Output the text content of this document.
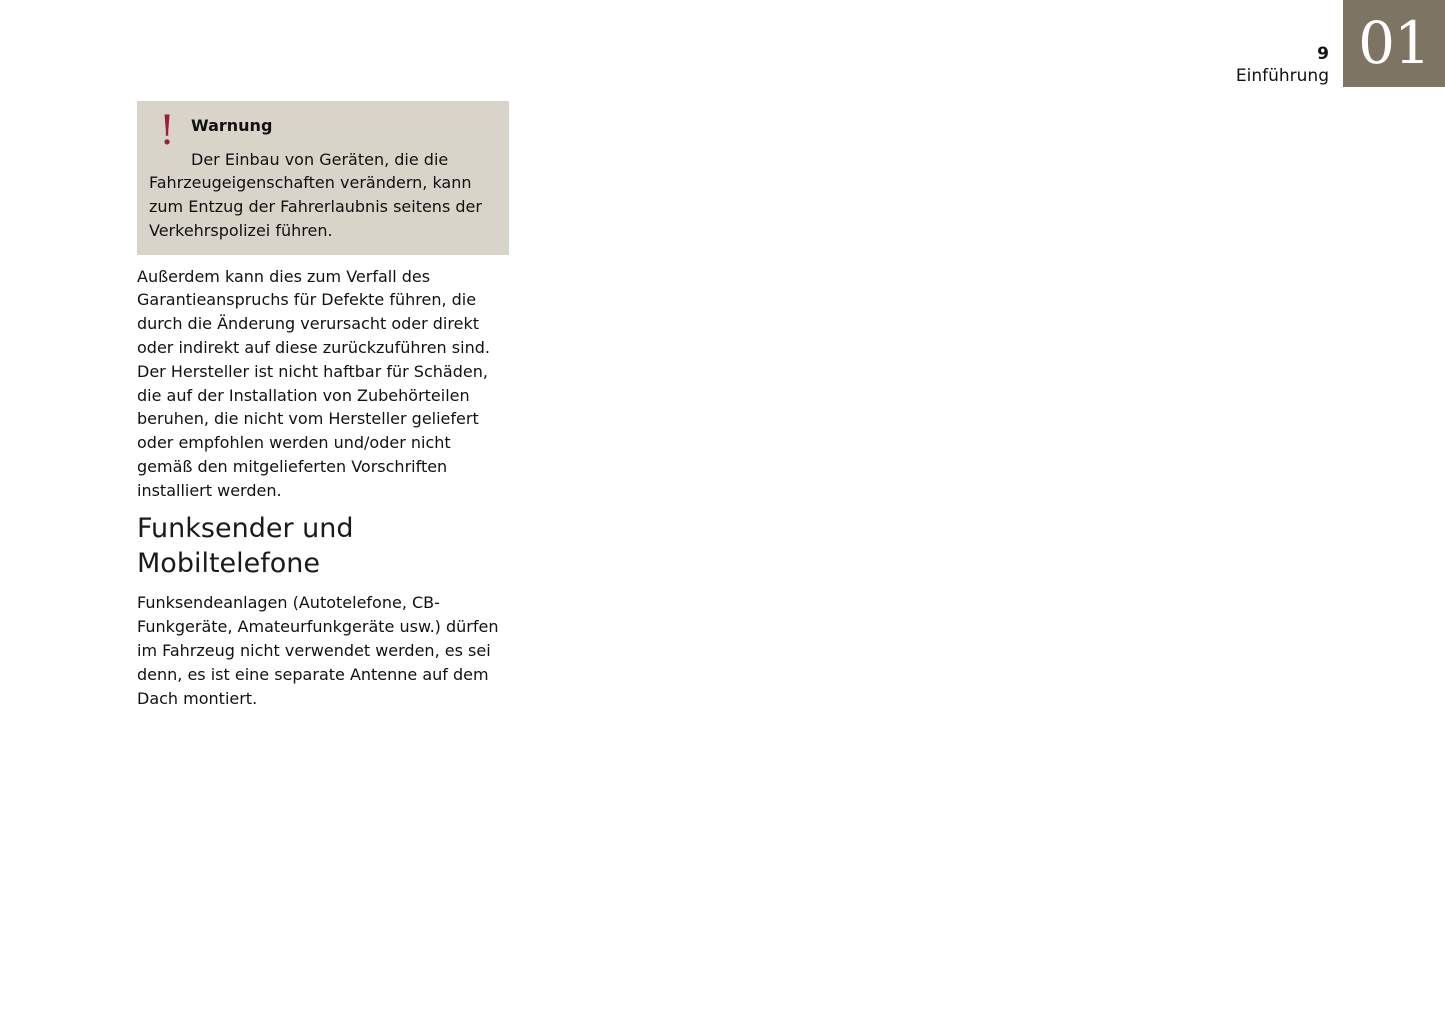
01
9
Einführung
! Warnung
Der Einbau von Geräten, die die Fahrzeugeigenschaften verändern, kann zum Entzug der Fahrerlaubnis seitens der Verkehrspolizei führen.

Außerdem kann dies zum Verfall des Garantieanspruchs für Defekte führen, die durch die Änderung verursacht oder direkt oder indirekt auf diese zurückzuführen sind. Der Hersteller ist nicht haftbar für Schäden, die auf der Installation von Zubehörteilen beruhen, die nicht vom Hersteller geliefert oder empfohlen werden und/oder nicht gemäß den mitgelieferten Vorschriften installiert werden.

Funksender und Mobiltelefone

Funksendeanlagen (Autotelefone, CB-Funkgeräte, Amateurfunkgeräte usw.) dürfen im Fahrzeug nicht verwendet werden, es sei denn, es ist eine separate Antenne auf dem Dach montiert.
